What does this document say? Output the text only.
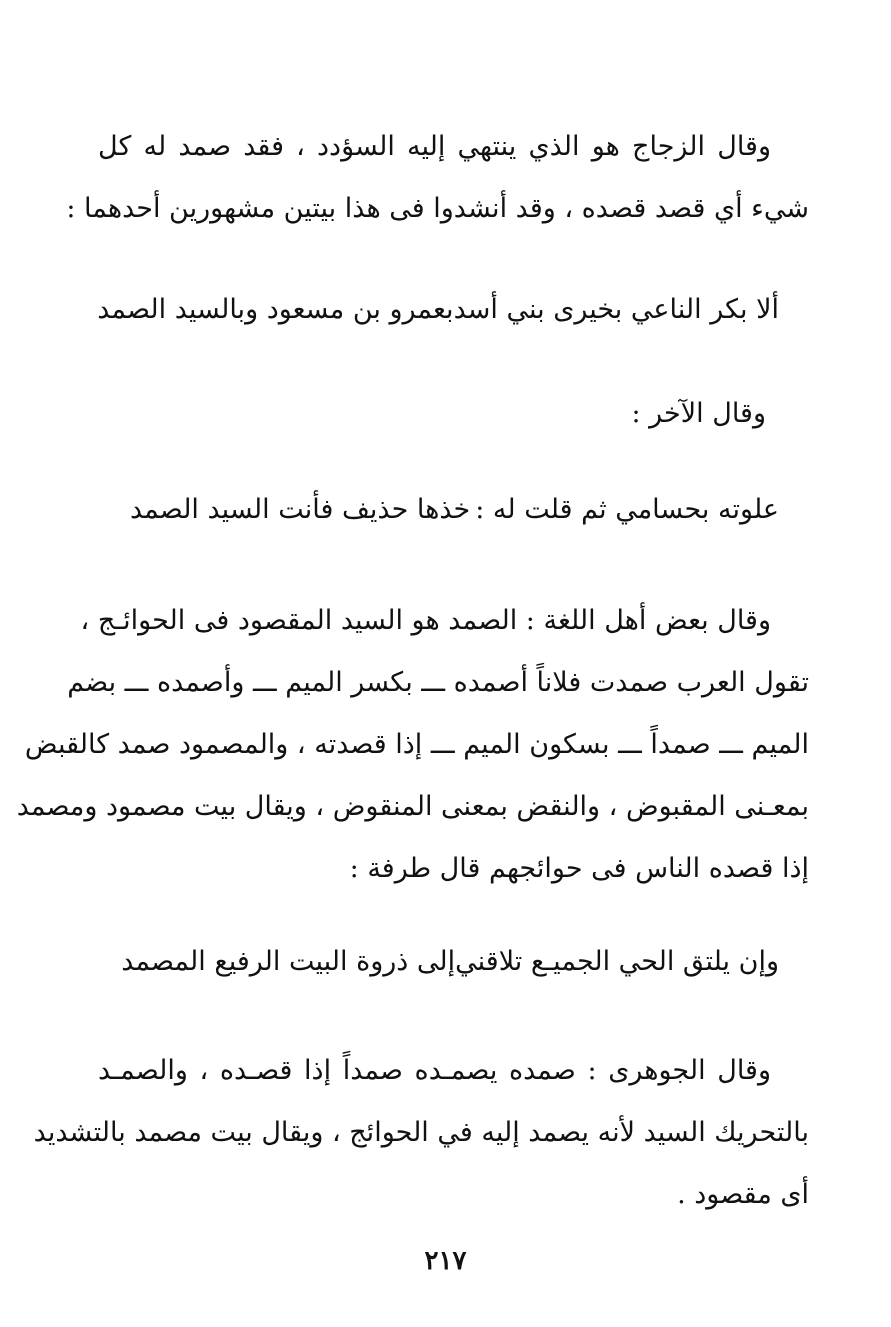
وقال الزجاج هو الذي ينتهي إليه السؤدد ، فقد صمد له كل
شيء أي قصد قصده ، وقد أنشدوا فى هذا بيتين مشهورين أحدهما :
ألا بكر الناعي بخيرى بني أسد
بعمرو بن مسعود وبالسيد الصمد
وقال الآخر :
علوته بحسامي ثم قلت له :
خذها حذيف فأنت السيد الصمد
وقال بعض أهل اللغة : الصمد هو السيد المقصود فى الحوائـج ،
تقول العرب صمدت فلاناً أصمده ـــ بكسر الميم ـــ وأصمده ـــ بضم
الميم ـــ صمداً ـــ بسكون الميم ـــ إذا قصدته ، والمصمود صمد كالقبض
بمعـنى المقبوض ، والنقض بمعنى المنقوض ، ويقال بيت مصمود ومصمد
إذا قصده الناس فى حوائجهم قال طرفة :
وإن يلتق الحي الجميـع تلاقني
إلى ذروة البيت الرفيع المصمد
وقال الجوهرى : صمده يصمـده صمداً إذا قصـده ، والصمـد
بالتحريك السيد لأنه يصمد إليه في الحوائج ، ويقال بيت مصمد بالتشديد
أى مقصود .
٢١٧
